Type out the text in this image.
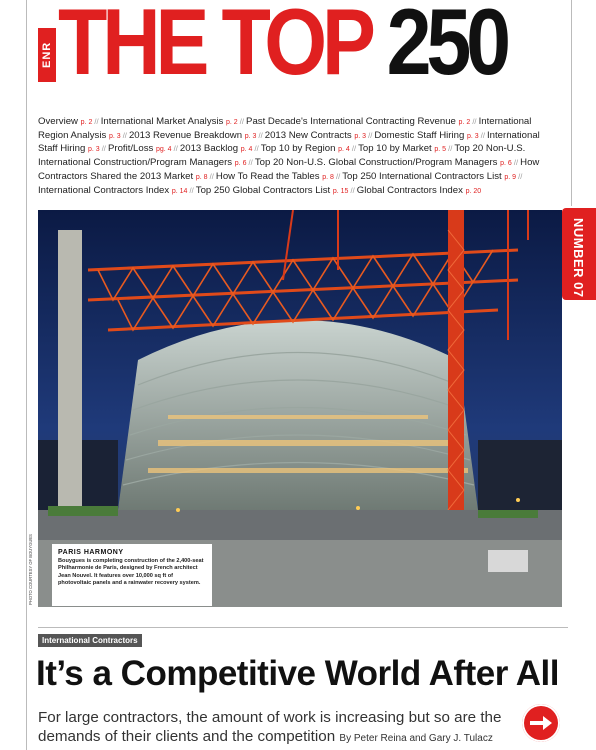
ENR THE TOP 250
Overview p. 2 // International Market Analysis p. 2 // Past Decade's International Contracting Revenue p. 2 // International Region Analysis p. 3 // 2013 Revenue Breakdown p. 3 // 2013 New Contracts p. 3 // Domestic Staff Hiring p. 3 // International Staff Hiring p. 3 // Profit/Loss pg. 4 // 2013 Backlog p. 4 // Top 10 by Region p. 4 // Top 10 by Market p. 5 // Top 20 Non-U.S. International Construction/Program Managers p. 6 // Top 20 Non-U.S. Global Construction/Program Managers p. 6 // How Contractors Shared the 2013 Market p. 8 // How To Read the Tables p. 8 // Top 250 International Contractors List p. 9 // International Contractors Index p. 14 // Top 250 Global Contractors List p. 15 // Global Contractors Index p. 20
PHOTO COURTESY OF BOUYGUES	PARIS HARMONY
Bouygues is completing construction of the 2,400-seat Philharmonie de Paris, designed by French architect Jean Nouvel. It features over 10,000 sq ft of photovoltaic panels and a rainwater recovery system.
NUMBER 07
International Contractors
It’s a Competitive World After All
For large contractors, the amount of work is increasing but so are the demands of their clients and the competition By Peter Reina and Gary J. Tulacz
